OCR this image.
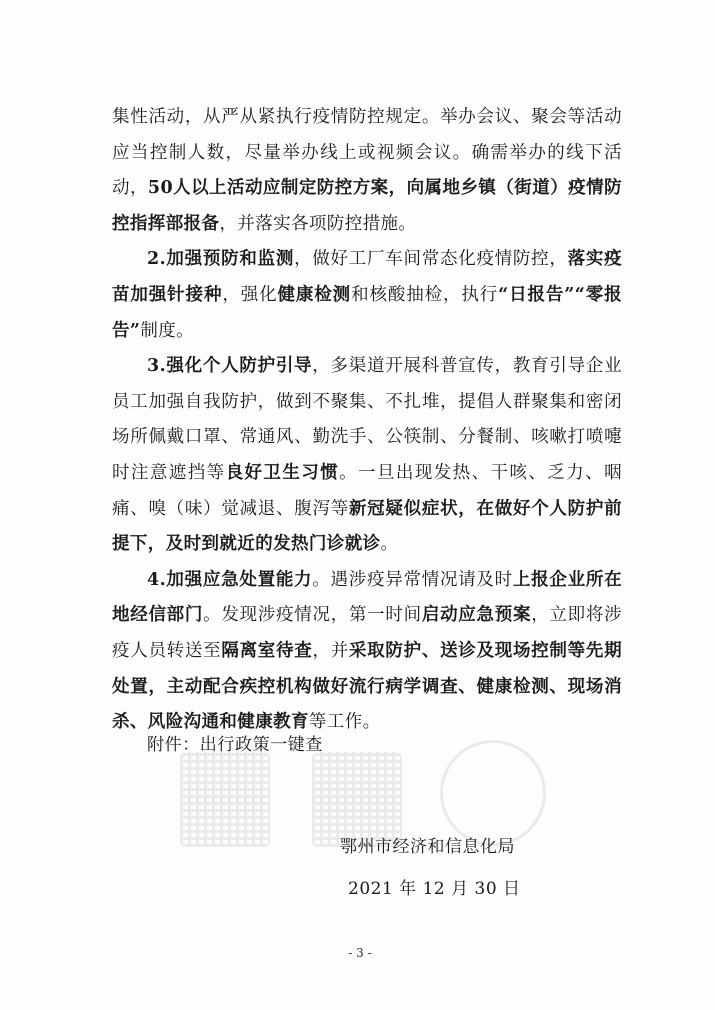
集性活动，从严从紧执行疫情防控规定。举办会议、聚会等活动应当控制人数，尽量举办线上或视频会议。确需举办的线下活动，50人以上活动应制定防控方案，向属地乡镇（街道）疫情防控指挥部报备，并落实各项防控措施。

2.加强预防和监测，做好工厂车间常态化疫情防控，落实疫苗加强针接种，强化健康检测和核酸抽检，执行“日报告”“零报告”制度。

3.强化个人防护引导，多渠道开展科普宣传，教育引导企业员工加强自我防护，做到不聚集、不扎堆，提倡人群聚集和密闭场所佩戴口罩、常通风、勤洗手、公筷制、分餐制、咳嗽打喷嚏时注意遮挡等良好卫生习惯。一旦出现发热、干咳、乏力、咽痛、嗅（味）觉减退、腹泻等新冠疑似症状，在做好个人防护前提下，及时到就近的发热门诊就诊。

4.加强应急处置能力。遇涉疫异常情况请及时上报企业所在地经信部门。发现涉疫情况，第一时间启动应急预案，立即将涉疫人员转送至隔离室待查，并采取防护、送诊及现场控制等先期处置，主动配合疾控机构做好流行病学调查、健康检测、现场消杀、风险沟通和健康教育等工作。

附件：出行政策一键查
鄂州市经济和信息化局
2021 年 12 月 30 日
- 3 -
